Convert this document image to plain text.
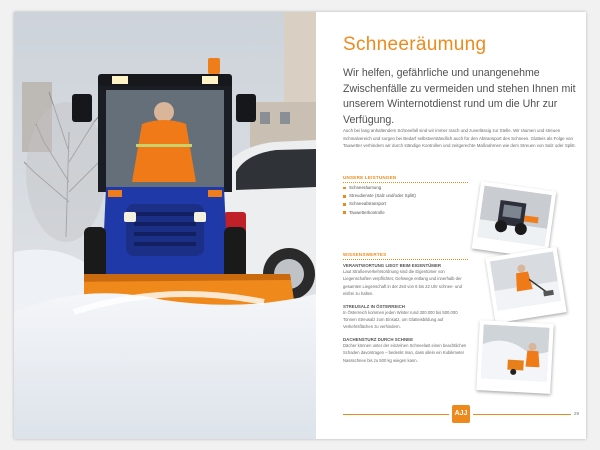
Schneeräumung
Wir helfen, gefährliche und unangenehme Zwischenfälle zu vermeiden und stehen Ihnen mit unserem Winternotdienst rund um die Uhr zur Verfügung.
Auch bei lang anhaltendem Schneefall sind wir immer rasch und zuverlässig zur Stelle. Wir räumen und streuen Schmalvereich und sorgen bei Bedarf selbstverständlich auch für den Abtransport des Schnees. Glatteis als Folge von Tauwetter verhindern wir durch ständige Kontrollen und zeitgerechte Maßnahmen wie dem Streuen von Salz oder Splitt.
UNSERE LEISTUNGEN
Schneeräumung
Streudienste (Salz und/oder Splitt)
Schneeabtransport
Tauwetterkontrolle
WISSENSWERTES
VERANTWORTUNG LIEGT BEIM EIGENTÜMER
Laut Straßenverkehrsordnung sind die Eigentümer von Liegenschaften verpflichtet, Gehwege entlang und innerhalb der gesamten Liegenschaft in der Zeit von 6 bis 22 Uhr schnee- und eisfrei zu halten.
STREUSALZ IN ÖSTERREICH
In Österreich kommen jeden Winter rund 300.000 bis 500.000 Tonnen Streusalz zum Einsatz, um Glatteisbildung auf Verkehrsflächen zu verhindern.
DACHENSTURZ DURCH SCHNEE
Dächer können unter der einzelnen Schneelast einen beachtlichen Schaden davontragen – bedenkt man, dass allein ein Kubikmeter Nassschnee bis zu 500 kg wiegen kann.
AJJ	29
